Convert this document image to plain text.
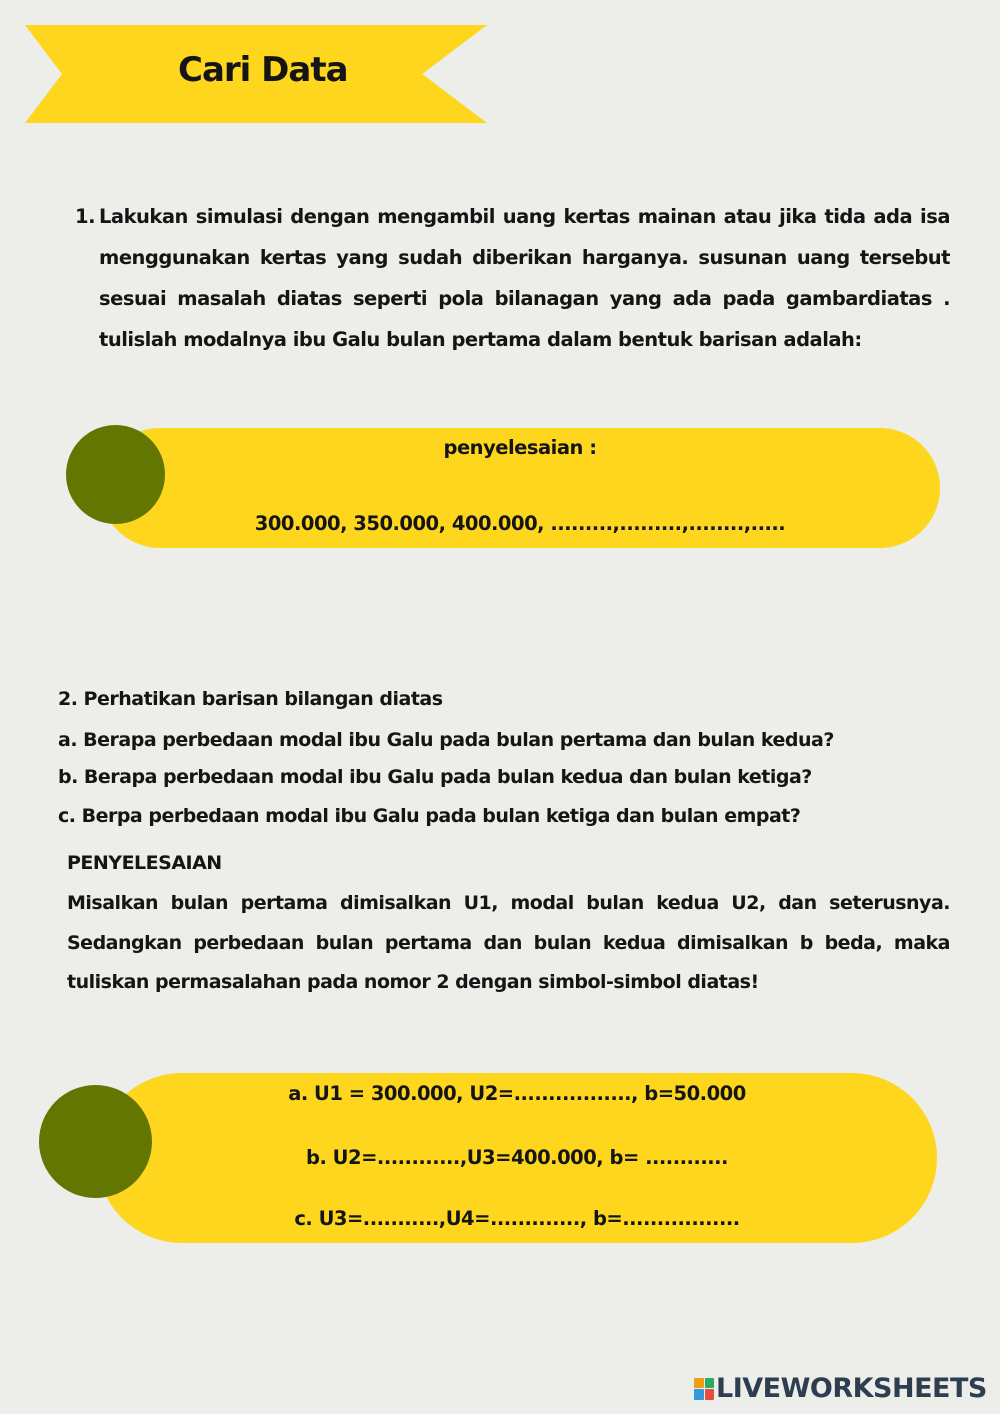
Cari Data
1. Lakukan simulasi dengan mengambil uang kertas mainan atau jika tida ada isa menggunakan kertas yang sudah diberikan harganya. susunan uang tersebut sesuai masalah diatas seperti pola bilanagan yang ada pada gambardiatas . tulislah modalnya ibu Galu bulan pertama dalam bentuk barisan adalah:
penyelesaian :
300.000, 350.000, 400.000, .........,.........,........,.....
2. Perhatikan barisan bilangan diatas
a. Berapa perbedaan modal ibu Galu pada bulan pertama dan bulan kedua?
b. Berapa perbedaan modal ibu Galu pada bulan kedua dan bulan ketiga?
c. Berpa perbedaan modal ibu Galu pada bulan ketiga dan bulan empat?
PENYELESAIAN
Misalkan bulan pertama dimisalkan U1, modal bulan kedua U2, dan seterusnya. Sedangkan perbedaan bulan pertama dan bulan kedua dimisalkan b beda, maka tuliskan permasalahan pada nomor 2 dengan simbol-simbol diatas!
a. U1 = 300.000, U2=................., b=50.000
b. U2=............,U3=400.000, b= ............
c. U3=...........,U4=............., b=.................
LIVEWORKSHEETS
